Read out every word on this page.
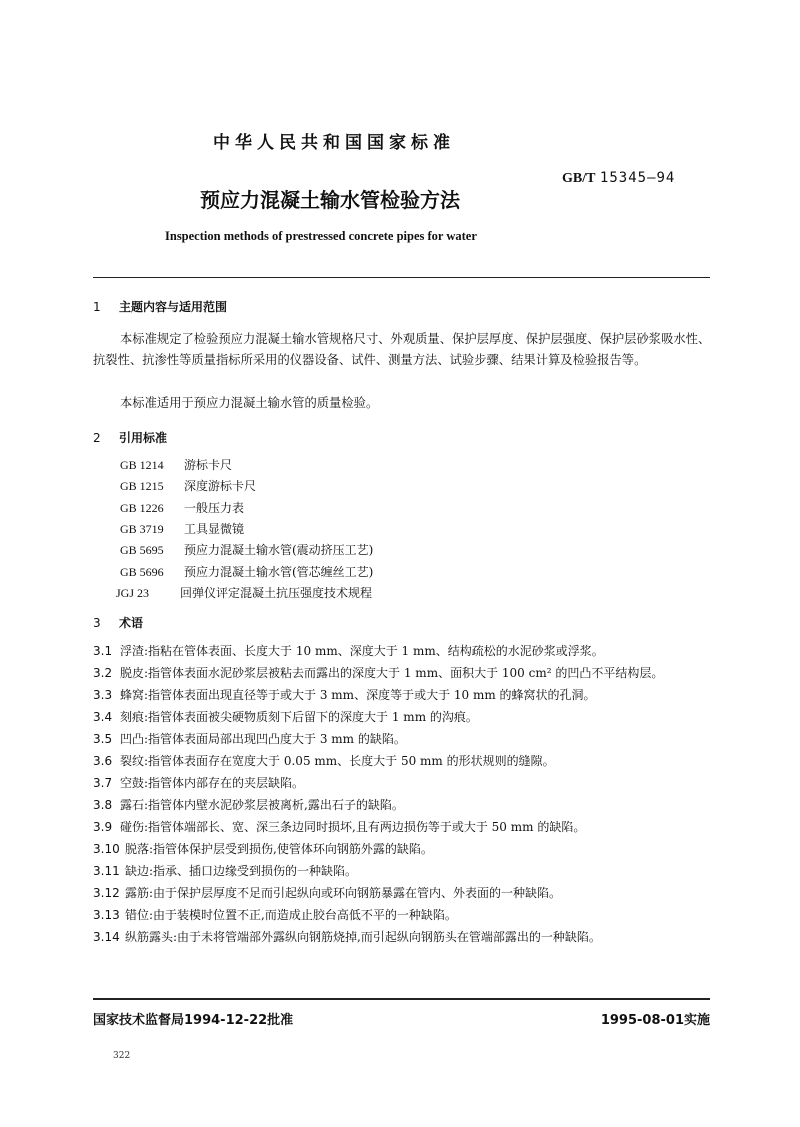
中华人民共和国国家标准
GB/T 15345—94
预应力混凝土输水管检验方法
Inspection methods of prestressed concrete pipes for water
1 主题内容与适用范围
本标准规定了检验预应力混凝土输水管规格尺寸、外观质量、保护层厚度、保护层强度、保护层砂浆吸水性、抗裂性、抗渗性等质量指标所采用的仪器设备、试件、测量方法、试验步骤、结果计算及检验报告等。
本标准适用于预应力混凝土输水管的质量检验。
2 引用标准
GB 1214 游标卡尺
GB 1215 深度游标卡尺
GB 1226 一般压力表
GB 3719 工具显微镜
GB 5695 预应力混凝土输水管(震动挤压工艺)
GB 5696 预应力混凝土输水管(管芯缠丝工艺)
JGJ 23	回弹仪评定混凝土抗压强度技术规程
3 术语

3.1 浮渣:指粘在管体表面、长度大于 10 mm、深度大于 1 mm、结构疏松的水泥砂浆或浮浆。

3.2 脱皮:指管体表面水泥砂浆层被粘去而露出的深度大于 1 mm、面积大于 100 cm² 的凹凸不平结构层。

3.3 蜂窝:指管体表面出现直径等于或大于 3 mm、深度等于或大于 10 mm 的蜂窝状的孔洞。

3.4 刻痕:指管体表面被尖硬物质刻下后留下的深度大于 1 mm 的沟痕。

3.5 凹凸:指管体表面局部出现凹凸度大于 3 mm 的缺陷。

3.6 裂纹:指管体表面存在宽度大于 0.05 mm、长度大于 50 mm 的形状规则的缝隙。

3.7 空鼓:指管体内部存在的夹层缺陷。

3.8 露石:指管体内壁水泥砂浆层被离析,露出石子的缺陷。

3.9 碰伤:指管体端部长、宽、深三条边同时损坏,且有两边损伤等于或大于 50 mm 的缺陷。

3.10 脱落:指管体保护层受到损伤,使管体环向钢筋外露的缺陷。

3.11 缺边:指承、插口边缘受到损伤的一种缺陷。

3.12 露筋:由于保护层厚度不足而引起纵向或环向钢筋暴露在管内、外表面的一种缺陷。

3.13 错位:由于装模时位置不正,而造成止胶台高低不平的一种缺陷。

3.14 纵筋露头:由于未将管端部外露纵向钢筋烧掉,而引起纵向钢筋头在管端部露出的一种缺陷。

国家技术监督局1994-12-22批准	1995-08-01实施
322
